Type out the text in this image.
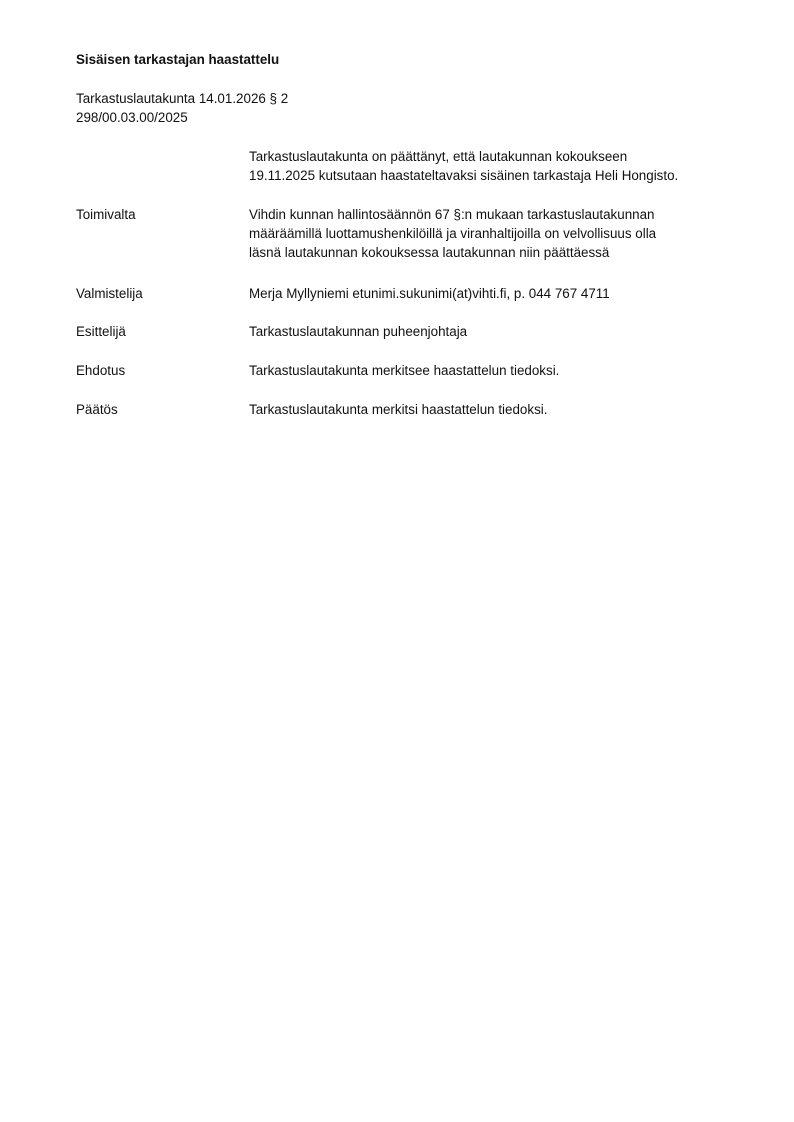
Sisäisen tarkastajan haastattelu
Tarkastuslautakunta 14.01.2026 § 2
298/00.03.00/2025
Tarkastuslautakunta on päättänyt, että lautakunnan kokoukseen
19.11.2025 kutsutaan haastateltavaksi sisäinen tarkastaja Heli Hongisto.
Toimivalta	Vihdin kunnan hallintosäännön 67 §:n mukaan tarkastuslautakunnan
määräämillä luottamushenkilöillä ja viranhaltijoilla on velvollisuus olla
läsnä lautakunnan kokouksessa lautakunnan niin päättäessä
Valmistelija	Merja Myllyniemi etunimi.sukunimi(at)vihti.fi, p. 044 767 4711
Esittelijä	Tarkastuslautakunnan puheenjohtaja
Ehdotus	Tarkastuslautakunta merkitsee haastattelun tiedoksi.
Päätös	Tarkastuslautakunta merkitsi haastattelun tiedoksi.
